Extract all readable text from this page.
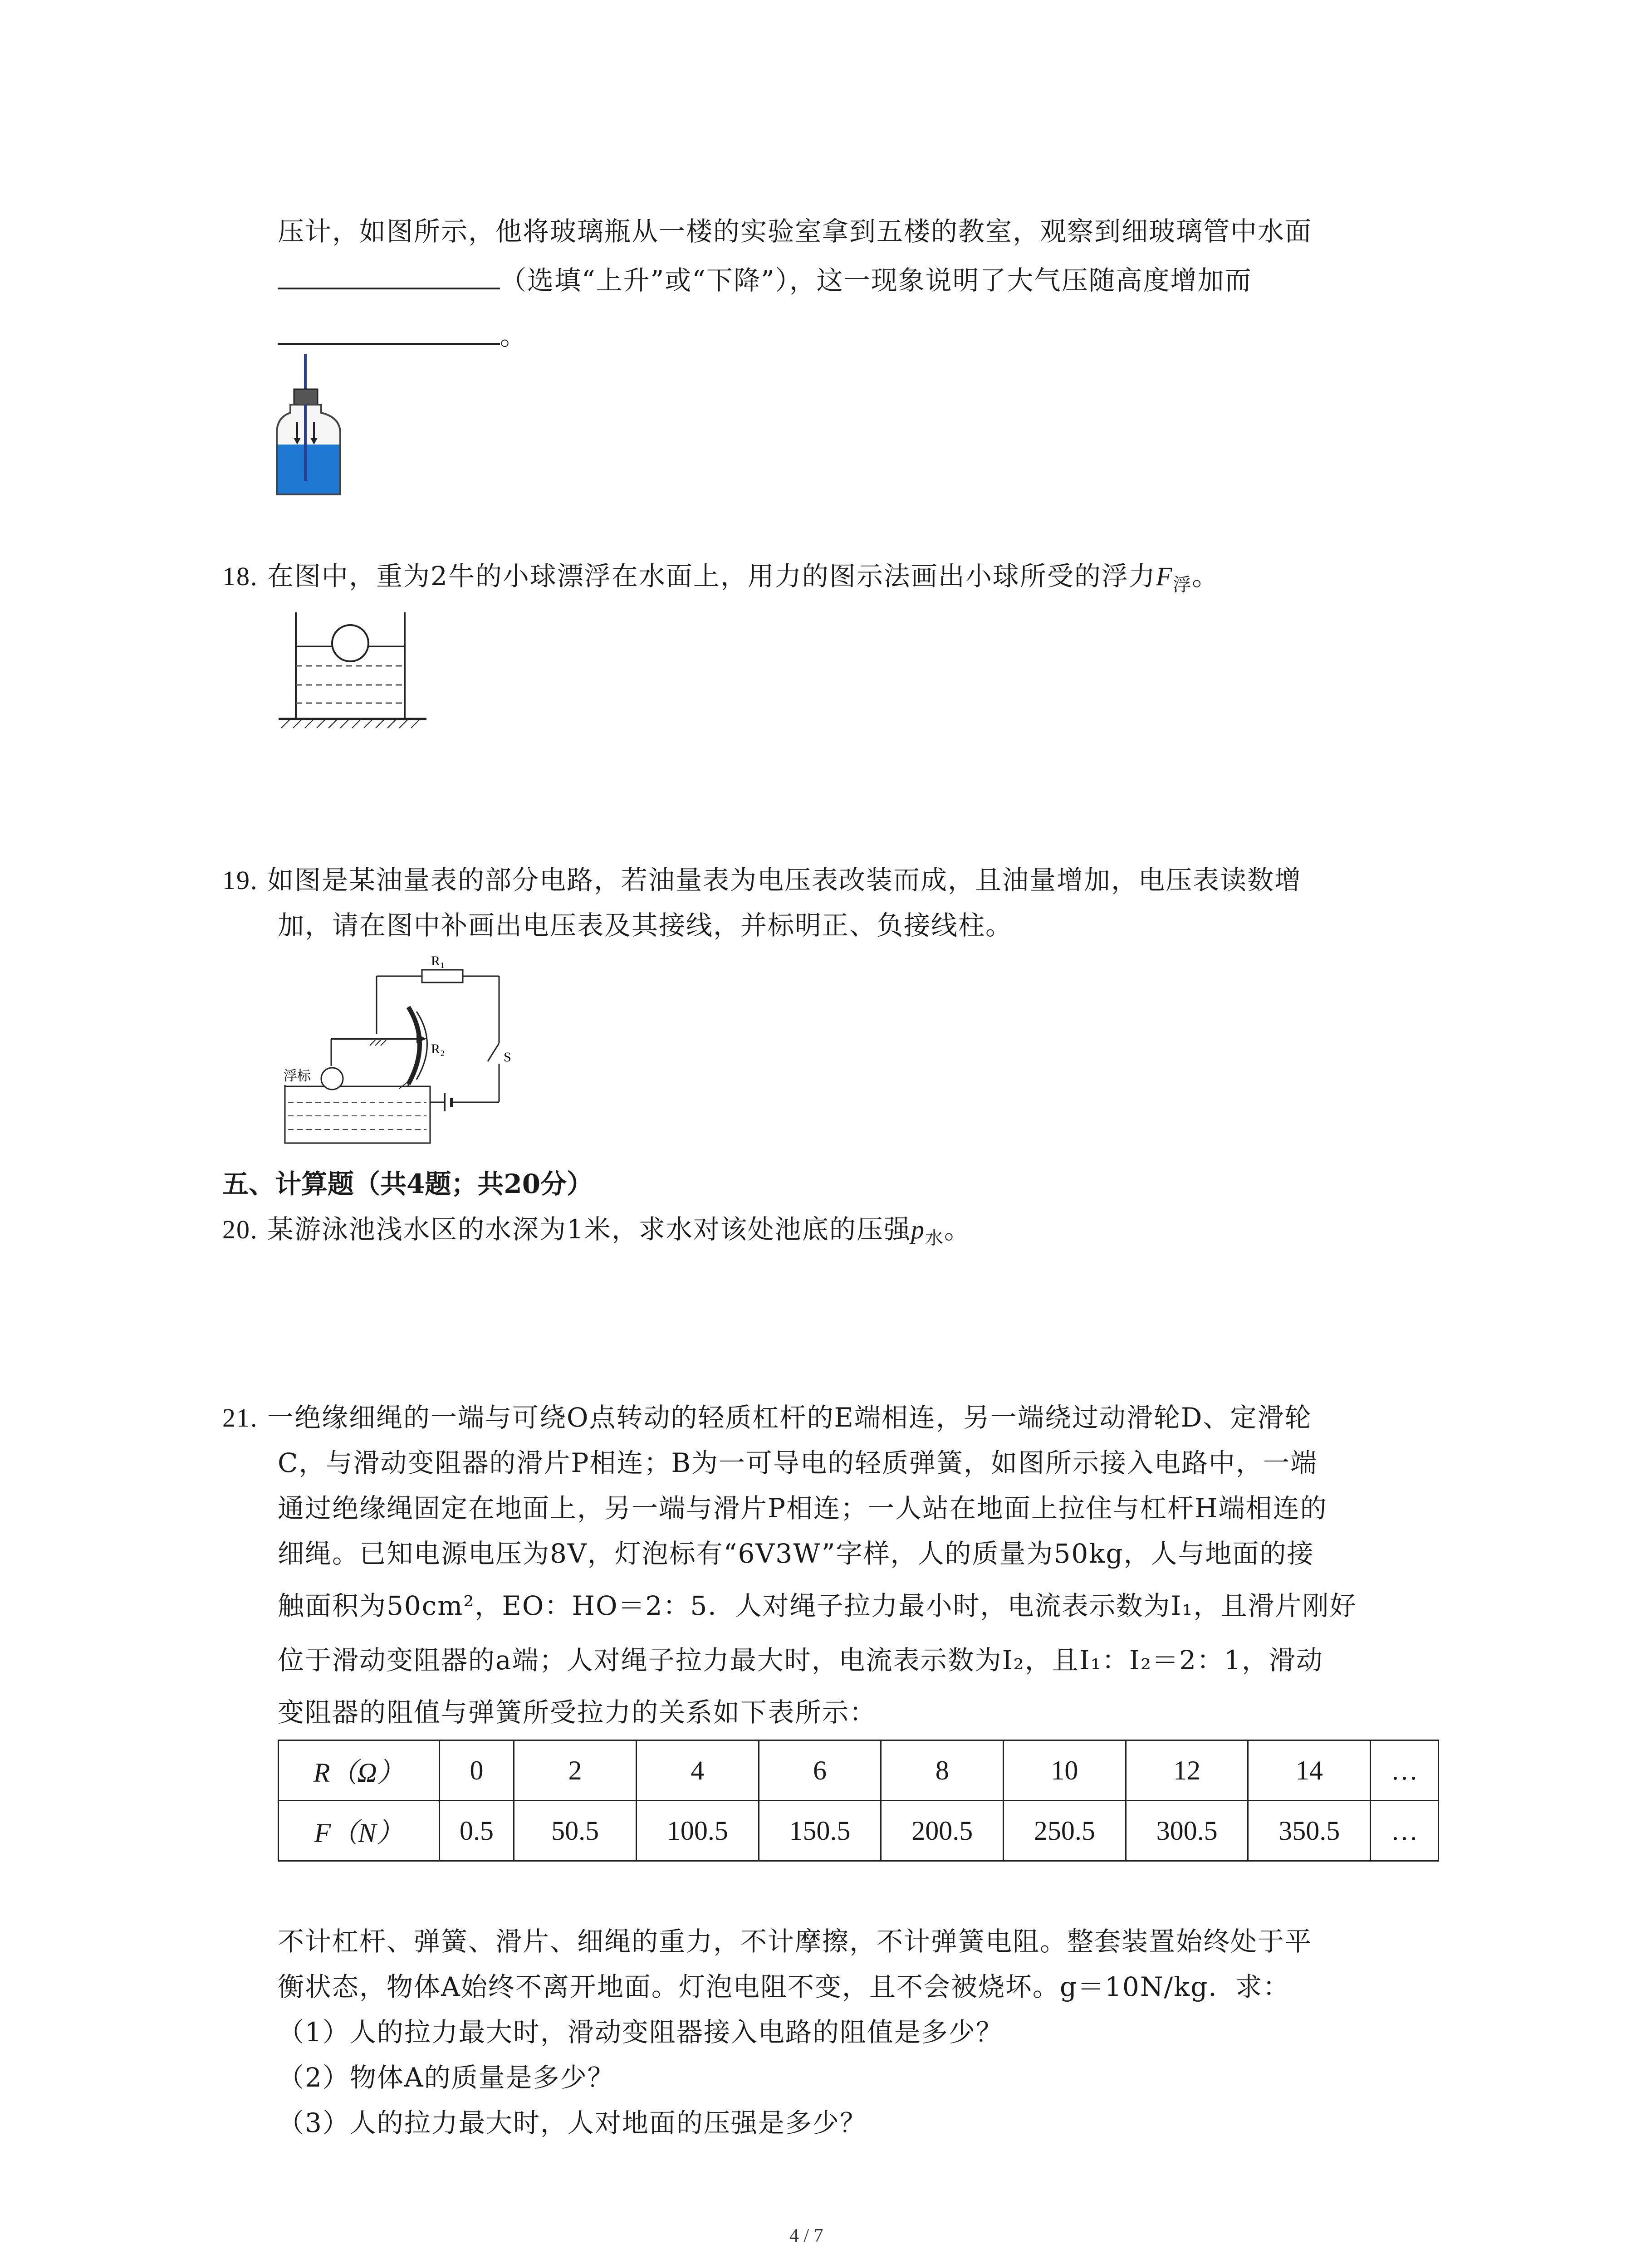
压计，如图所示，他将玻璃瓶从一楼的实验室拿到五楼的教室，观察到细玻璃管中水面
（选填“上升”或“下降”），这一现象说明了大气压随高度增加而
。
18. 在图中，重为2牛的小球漂浮在水面上，用力的图示法画出小球所受的浮力$F_浮$。
19. 如图是某油量表的部分电路，若油量表为电压表改装而成，且油量增加，电压表读数增
加，请在图中补画出电压表及其接线，并标明正、负接线柱。
R₁
S
R₂
浮标
五、计算题（共4题；共20分）
20. 某游泳池浅水区的水深为1米，求水对该处池底的压强$p_水$。
21. 一绝缘细绳的一端与可绕O点转动的轻质杠杆的E端相连，另一端绕过动滑轮D、定滑轮
C，与滑动变阻器的滑片P相连；B为一可导电的轻质弹簧，如图所示接入电路中，一端
通过绝缘绳固定在地面上，另一端与滑片P相连；一人站在地面上拉住与杠杆H端相连的
细绳。已知电源电压为8V，灯泡标有“6V3W”字样，人的质量为50kg，人与地面的接
触面积为50cm²，EO：HO＝2：5．人对绳子拉力最小时，电流表示数为I₁，且滑片刚好
位于滑动变阻器的a端；人对绳子拉力最大时，电流表示数为I₂，且I₁：I₂＝2：1，滑动
变阻器的阻值与弹簧所受拉力的关系如下表所示：
R（Ω）	0	2	4	6	8	10	12	14	…
F（N）	0.5	50.5	100.5	150.5	200.5	250.5	300.5	350.5	…
不计杠杆、弹簧、滑片、细绳的重力，不计摩擦，不计弹簧电阻。整套装置始终处于平
衡状态，物体A始终不离开地面。灯泡电阻不变，且不会被烧坏。g＝10N/kg．求：
（1）人的拉力最大时，滑动变阻器接入电路的阻值是多少？
（2）物体A的质量是多少？
（3）人的拉力最大时，人对地面的压强是多少？
4 / 7
